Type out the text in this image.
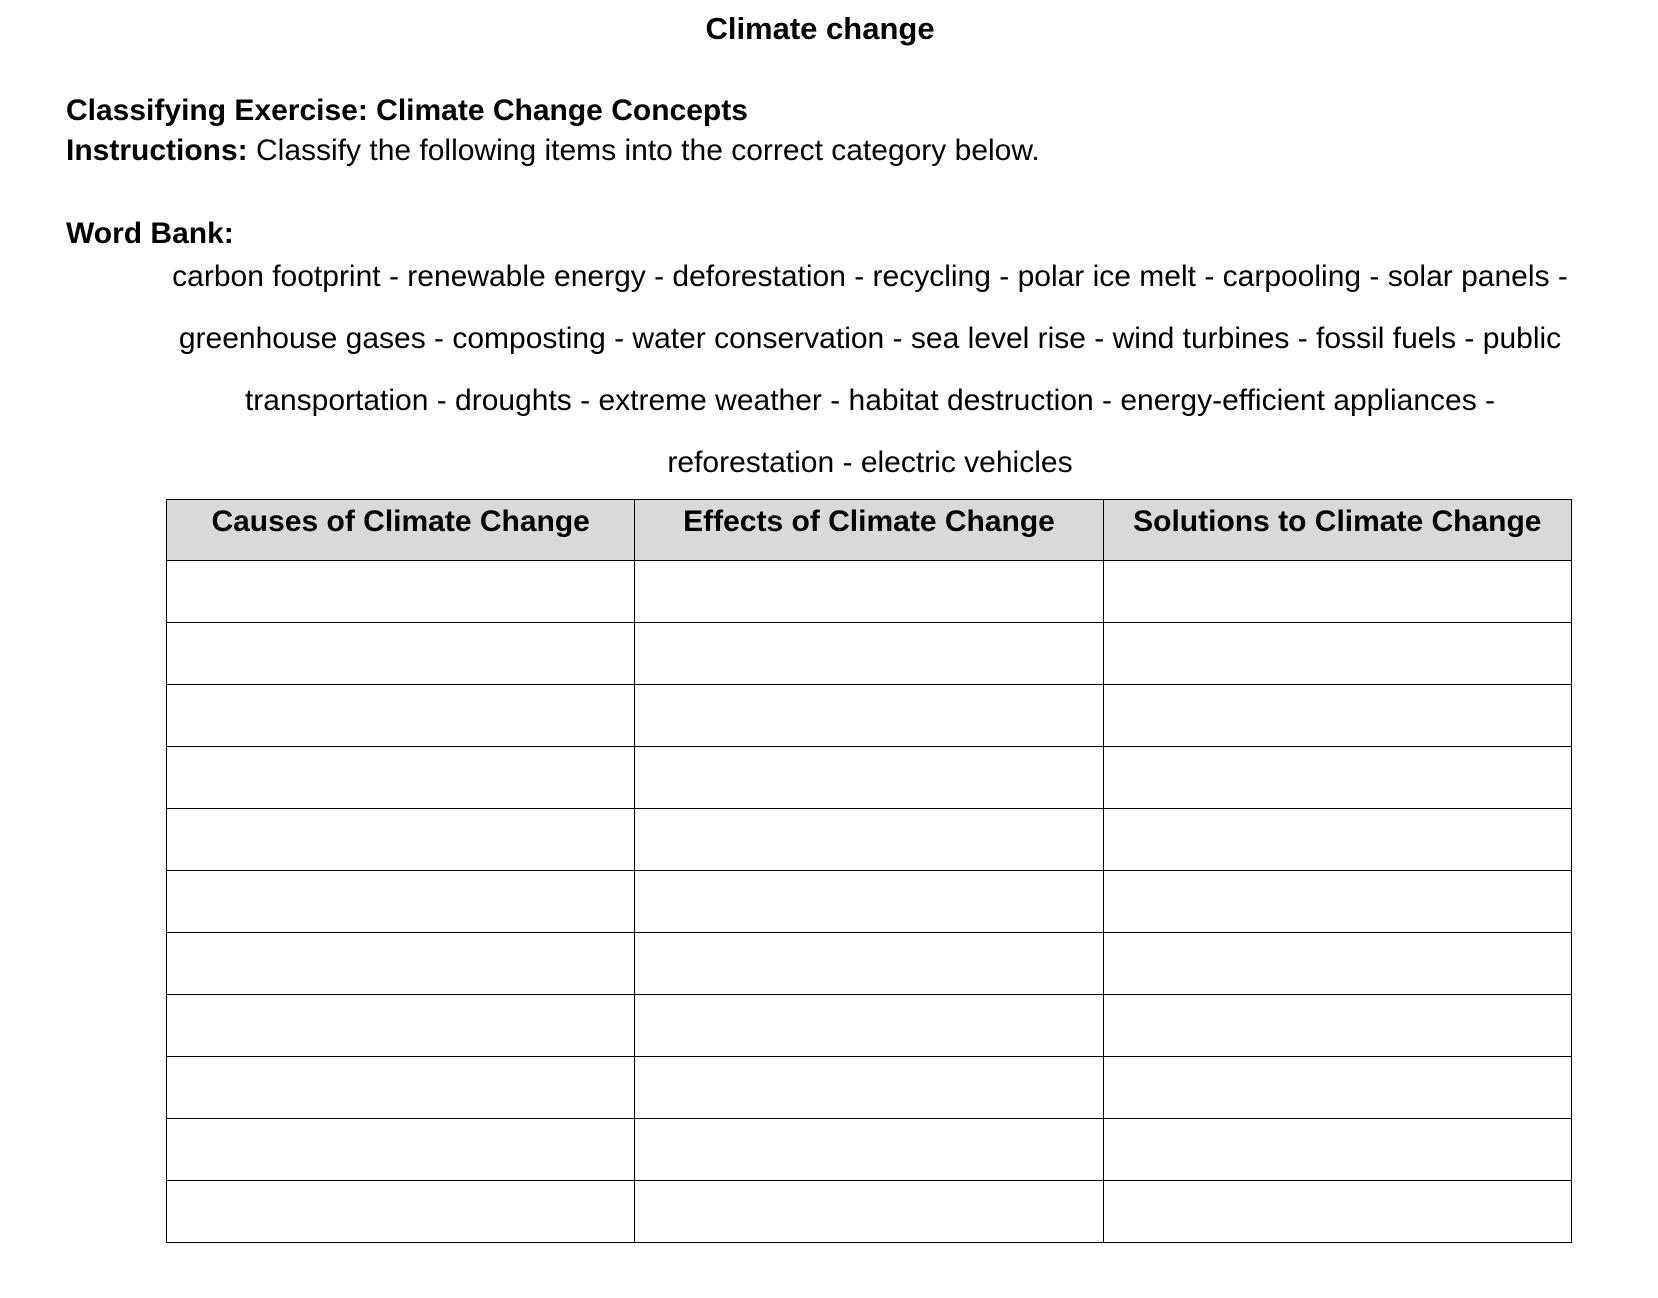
Climate change
Classifying Exercise: Climate Change Concepts
Instructions: Classify the following items into the correct category below.
Word Bank:
carbon footprint - renewable energy - deforestation - recycling - polar ice melt - carpooling - solar panels - greenhouse gases - composting - water conservation - sea level rise - wind turbines - fossil fuels - public transportation - droughts - extreme weather - habitat destruction - energy-efficient appliances - reforestation - electric vehicles
Causes of Climate Change	Effects of Climate Change	Solutions to Climate Change
